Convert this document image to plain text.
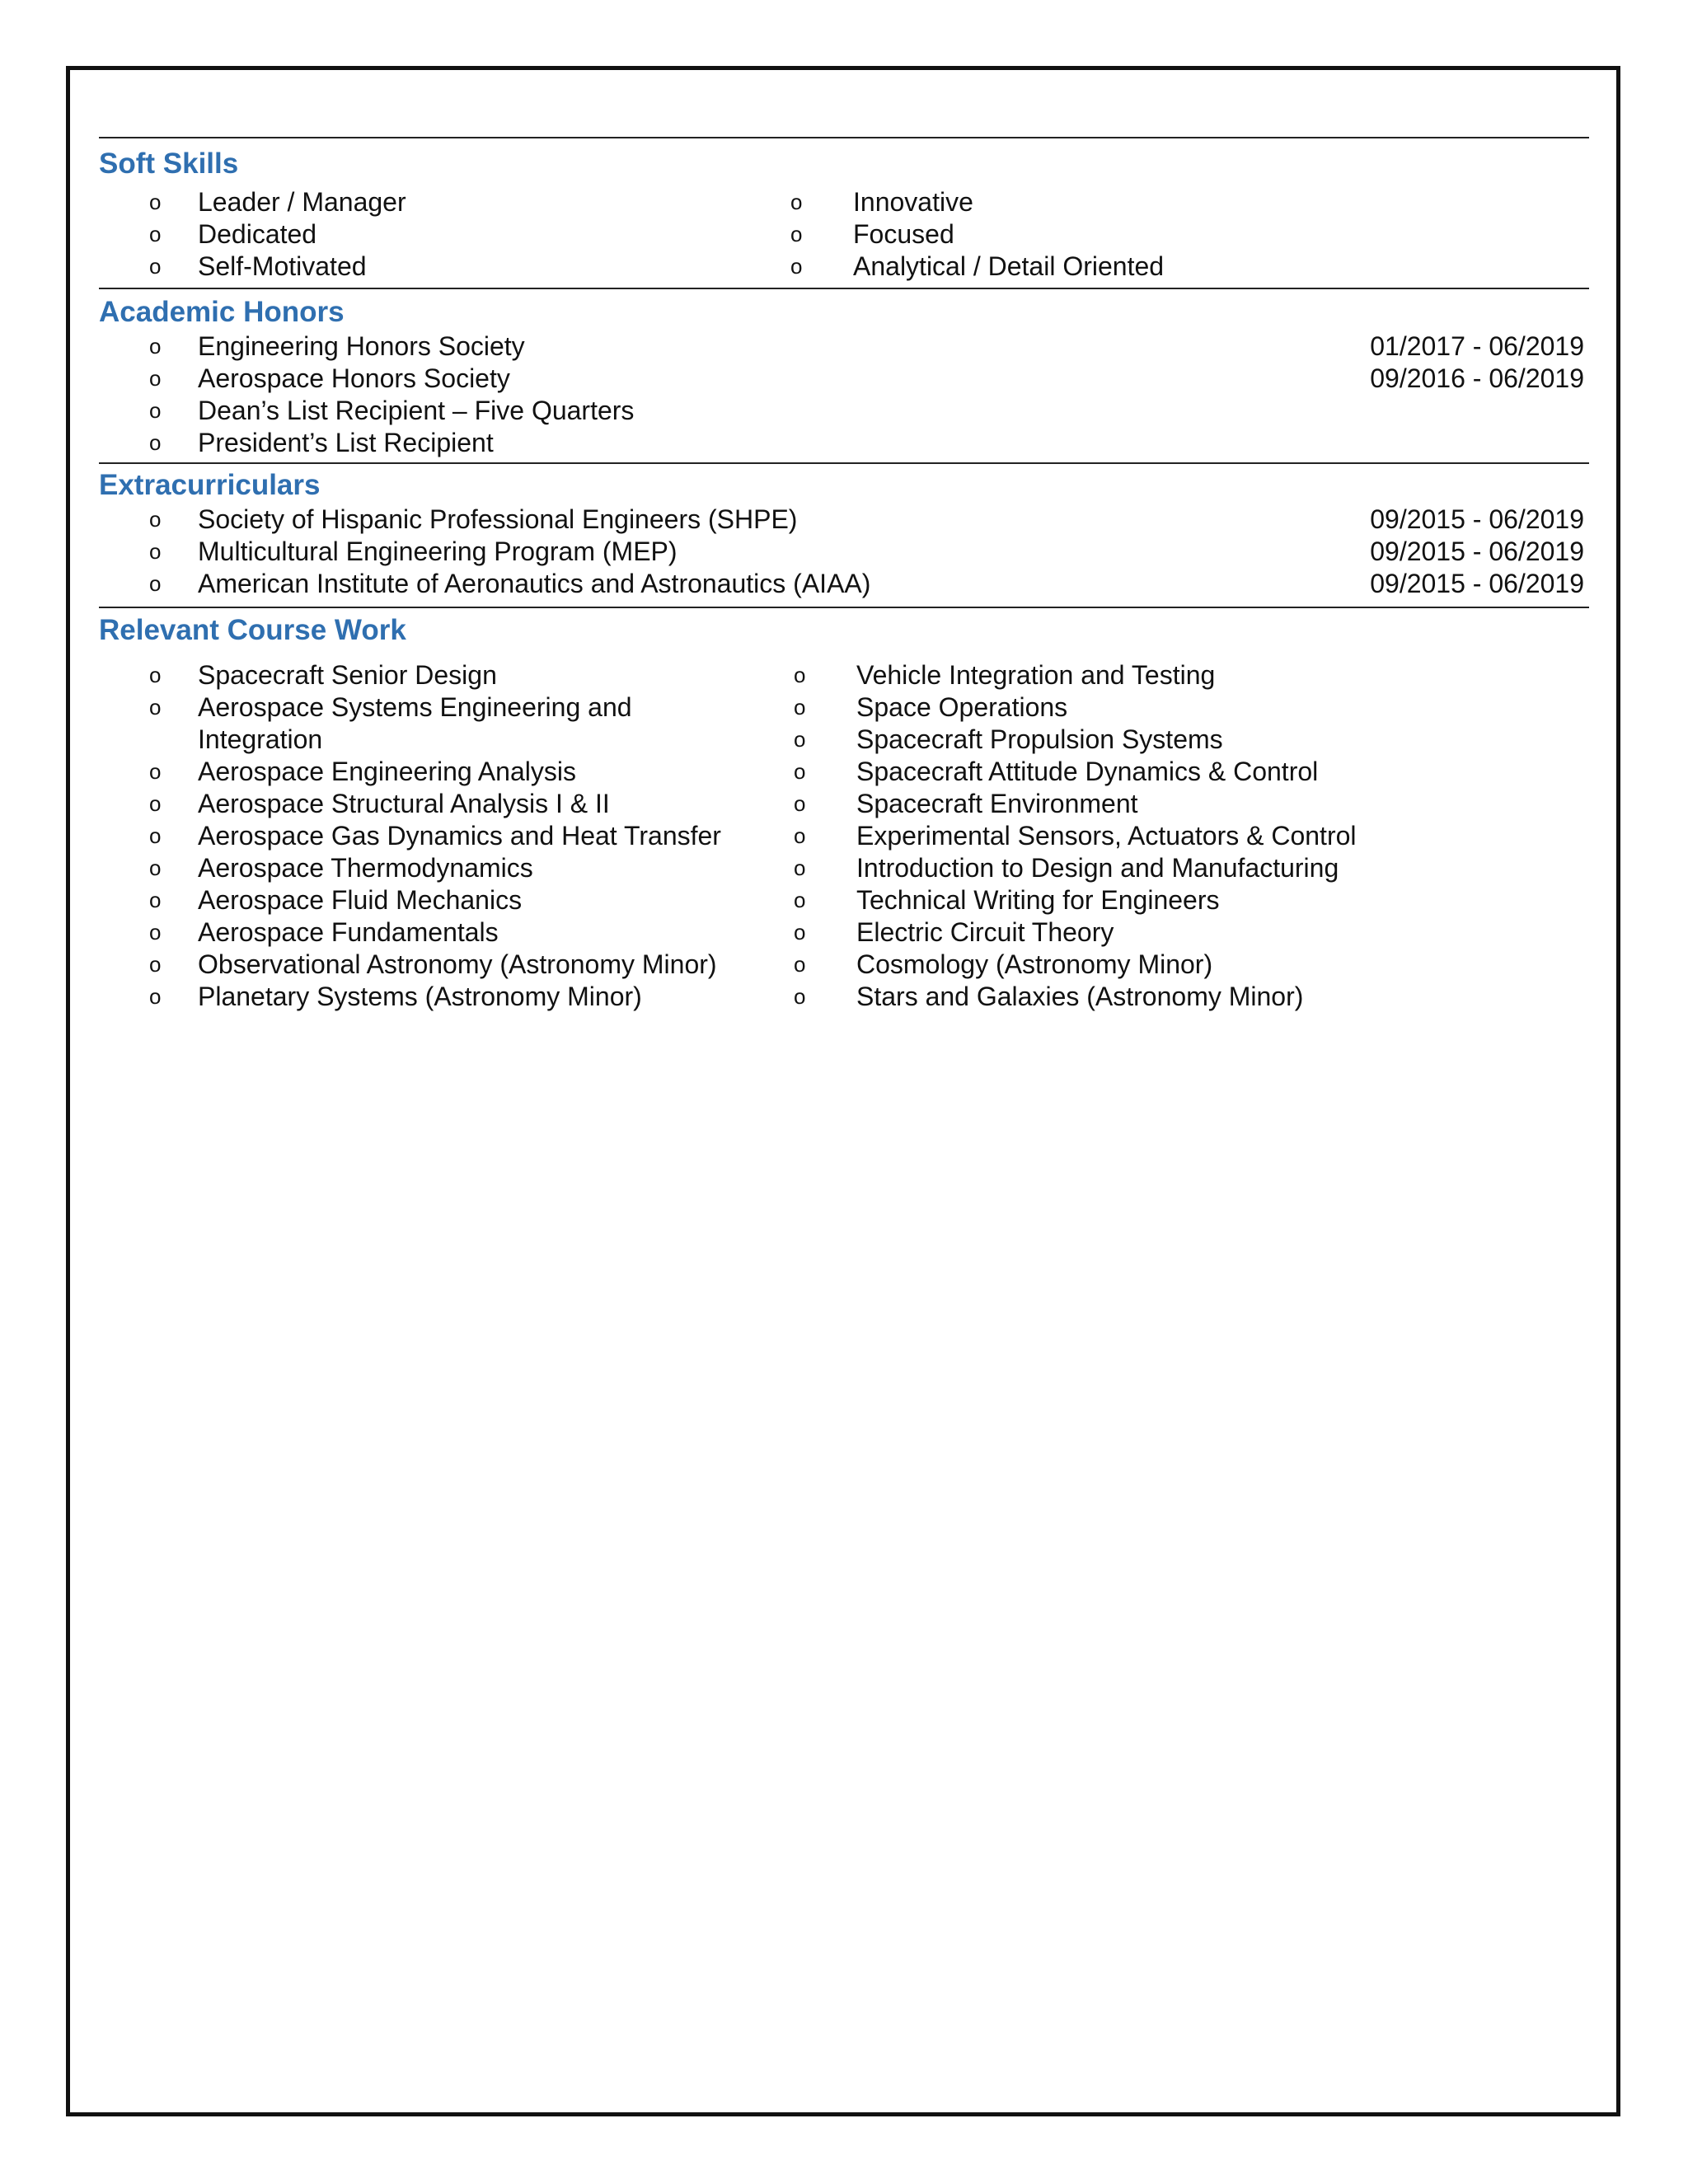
Soft Skills
o	Leader / Manager
o	Dedicated
o	Self-Motivated
o	Innovative
o	Focused
o	Analytical / Detail Oriented
Academic Honors
o	Engineering Honors Society	01/2017 - 06/2019
o	Aerospace Honors Society	09/2016 - 06/2019
o	Dean’s List Recipient – Five Quarters
o	President’s List Recipient
Extracurriculars
o	Society of Hispanic Professional Engineers (SHPE)	09/2015 - 06/2019
o	Multicultural Engineering Program (MEP)	09/2015 - 06/2019
o	American Institute of Aeronautics and Astronautics (AIAA)	09/2015 - 06/2019
Relevant Course Work
o	Spacecraft Senior Design
o	Aerospace Systems Engineering and Integration
o	Aerospace Engineering Analysis
o	Aerospace Structural Analysis I & II
o	Aerospace Gas Dynamics and Heat Transfer
o	Aerospace Thermodynamics
o	Aerospace Fluid Mechanics
o	Aerospace Fundamentals
o	Observational Astronomy (Astronomy Minor)
o	Planetary Systems (Astronomy Minor)
o	Vehicle Integration and Testing
o	Space Operations
o	Spacecraft Propulsion Systems
o	Spacecraft Attitude Dynamics & Control
o	Spacecraft Environment
o	Experimental Sensors, Actuators & Control
o	Introduction to Design and Manufacturing
o	Technical Writing for Engineers
o	Electric Circuit Theory
o	Cosmology (Astronomy Minor)
o	Stars and Galaxies (Astronomy Minor)
